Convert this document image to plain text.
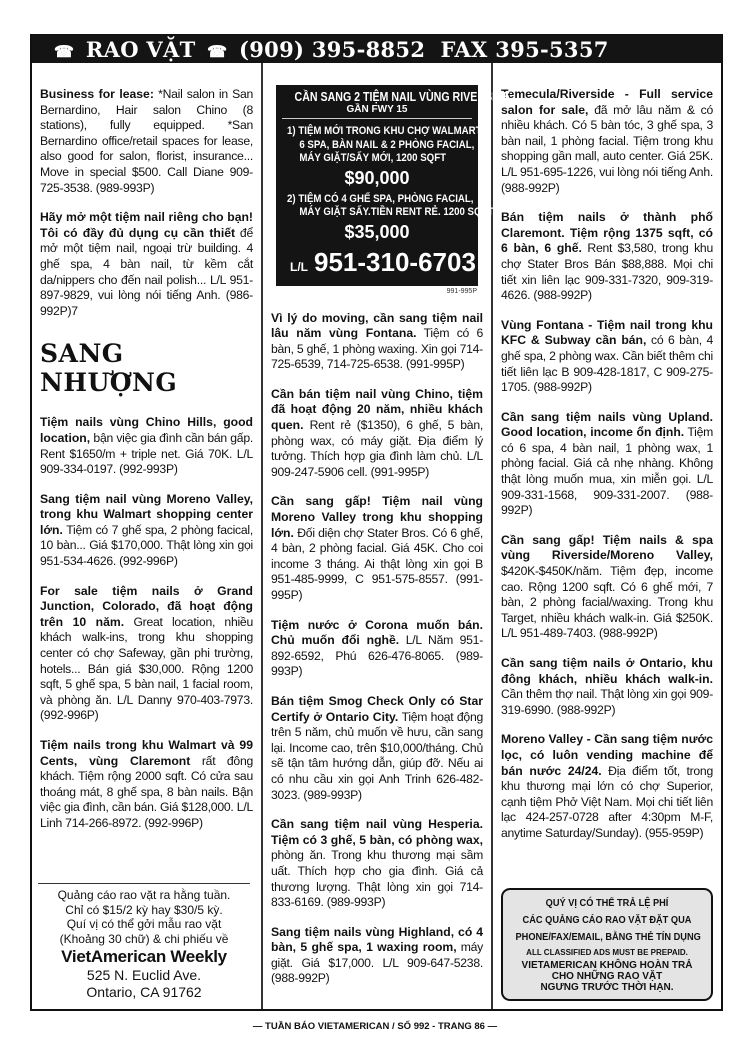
☎ RAO VẶT ☎ (909) 395-8852 FAX 395-5357

Business for lease: *Nail salon in San Bernardino, Hair salon Chino (8 stations), fully equipped. *San Bernardino office/retail spaces for lease, also good for salon, florist, insurance... Move in special $500. Call Diane 909-725-3538. (989-993P)

Hãy mở một tiệm nail riêng cho bạn! Tôi có đầy đủ dụng cụ cần thiết để mở một tiệm nail, ngoại trừ building. 4 ghế spa, 4 bàn nail, từ kềm cắt da/nippers cho đến nail polish... L/L 951-897-9829, vui lòng nói tiếng Anh. (986-992P)7

SANG NHƯỢNG

Tiệm nails vùng Chino Hills, good location, bận việc gia đình cần bán gấp. Rent $1650/m + triple net. Giá 70K. L/L 909-334-0197. (992-993P)

Sang tiệm nail vùng Moreno Valley, trong khu Walmart shopping center lớn. Tiệm có 7 ghế spa, 2 phòng facical, 10 bàn... Giá $170,000. Thật lòng xin gọi 951-534-4626. (992-996P)

For sale tiệm nails ở Grand Junction, Colorado, đã hoạt động trên 10 năm. Great location, nhiều khách walk-ins, trong khu shopping center có chợ Safeway, gần phi trường, hotels... Bán giá $30,000. Rộng 1200 sqft, 5 ghế spa, 5 bàn nail, 1 facial room, và phòng ăn. L/L Danny 970-403-7973. (992-996P)

Tiệm nails trong khu Walmart và 99 Cents, vùng Claremont rất đông khách. Tiệm rộng 2000 sqft. Có cửa sau thoáng mát, 8 ghế spa, 8 bàn nails. Bận việc gia đình, cần bán. Giá $128,000. L/L Linh 714-266-8972. (992-996P)

Quảng cáo rao vặt ra hằng tuần.
Chỉ có $15/2 kỳ hay $30/5 kỳ.
Quí vị có thể gởi mẫu rao vặt
(Khoảng 30 chữ) & chi phiếu về
VietAmerican Weekly
525 N. Euclid Ave.
Ontario, CA 91762
CẦN SANG 2 TIỆM NAIL VÙNG RIVERSIDE
GẦN FWY 15
1) TIỆM MỚI TRONG KHU CHỢ WALMART,
6 SPA, BÀN NAIL & 2 PHÒNG FACIAL,
MÁY GIẶT/SẤY MỚI, 1200 SQFT
$90,000
2) TIỆM CÓ 4 GHẾ SPA, PHÒNG FACIAL,
MÁY GIẶT SẤY.TIỀN RENT RẺ. 1200 SQFT
$35,000
L/L 951-310-6703
991-995P

Vì lý do moving, cần sang tiệm nail lâu năm vùng Fontana. Tiệm có 6 bàn, 5 ghế, 1 phòng waxing. Xin gọi 714-725-6539, 714-725-6538. (991-995P)

Cần bán tiệm nail vùng Chino, tiệm đã hoạt động 20 năm, nhiều khách quen. Rent rẻ ($1350), 6 ghế, 5 bàn, phòng wax, có máy giặt. Địa điểm lý tưởng. Thích hợp gia đình làm chủ. L/L 909-247-5906 cell. (991-995P)

Cần sang gấp! Tiệm nail vùng Moreno Valley trong khu shopping lớn. Đối diện chợ Stater Bros. Có 6 ghế, 4 bàn, 2 phòng facial. Giá 45K. Cho coi income 3 tháng. Ai thật lòng xin gọi B 951-485-9999, C 951-575-8557. (991-995P)

Tiệm nước ở Corona muốn bán. Chủ muốn đổi nghề. L/L Năm 951-892-6592, Phú 626-476-8065. (989-993P)

Bán tiệm Smog Check Only có Star Certify ở Ontario City. Tiệm hoạt động trên 5 năm, chủ muốn về hưu, cần sang lại. Income cao, trên $10,000/tháng. Chủ sẽ tận tâm hướng dẫn, giúp đỡ. Nếu ai có nhu cầu xin gọi Anh Trinh 626-482-3023. (989-993P)

Cần sang tiệm nail vùng Hesperia. Tiệm có 3 ghế, 5 bàn, có phòng wax, phòng ăn. Trong khu thương mại sầm uất. Thích hợp cho gia đình. Giá cả thương lượng. Thật lòng xin gọi 714-833-6169. (989-993P)

Sang tiệm nails vùng Highland, có 4 bàn, 5 ghế spa, 1 waxing room, máy giặt. Giá $17,000. L/L 909-647-5238. (988-992P)

Temecula/Riverside - Full service salon for sale, đã mở lâu năm & có nhiều khách. Có 5 bàn tóc, 3 ghế spa, 3 bàn nail, 1 phòng facial. Tiệm trong khu shopping gần mall, auto center. Giá 25K. L/L 951-695-1226, vui lòng nói tiếng Anh. (988-992P)

Bán tiệm nails ở thành phố Claremont. Tiệm rộng 1375 sqft, có 6 bàn, 6 ghế. Rent $3,580, trong khu chợ Stater Bros Bán $88,888. Mọi chi tiết xin liên lạc 909-331-7320, 909-319-4626. (988-992P)

Vùng Fontana - Tiệm nail trong khu KFC & Subway cần bán, có 6 bàn, 4 ghế spa, 2 phòng wax. Cần biết thêm chi tiết liên lạc B 909-428-1817, C 909-275-1705. (988-992P)

Cần sang tiệm nails vùng Upland. Good location, income ổn định. Tiệm có 6 spa, 4 bàn nail, 1 phòng wax, 1 phòng facial. Giá cả nhẹ nhàng. Không thật lòng muốn mua, xin miễn gọi. L/L 909-331-1568, 909-331-2007. (988-992P)

Cần sang gấp! Tiệm nails & spa vùng Riverside/Moreno Valley, $420K-$450K/năm. Tiệm đẹp, income cao. Rộng 1200 sqft. Có 6 ghế mới, 7 bàn, 2 phòng facial/waxing. Trong khu Target, nhiều khách walk-in. Giá $250K. L/L 951-489-7403. (988-992P)

Cần sang tiệm nails ở Ontario, khu đông khách, nhiều khách walk-in. Cần thêm thợ nail. Thật lòng xin gọi 909-319-6990. (988-992P)

Moreno Valley - Cần sang tiệm nước lọc, có luôn vending machine để bán nước 24/24. Địa điểm tốt, trong khu thương mại lớn có chợ Superior, cạnh tiệm Phở Việt Nam. Mọi chi tiết liên lạc 424-257-0728 after 4:30pm M-F, anytime Saturday/Sunday). (955-959P)

QUÝ VỊ CÓ THỂ TRẢ LỆ PHÍ
CÁC QUẢNG CÁO RAO VẶT ĐẶT QUA
PHONE/FAX/EMAIL, BẰNG THẺ TÍN DỤNG
ALL CLASSIFIED ADS MUST BE PREPAID.
VIETAMERICAN KHÔNG HOÀN TRẢ
CHO NHỮNG RAO VẶT
NGƯNG TRƯỚC THỜI HẠN.
— TUẦN BÁO VIETAMERICAN / SỐ 992 - TRANG 86 —
